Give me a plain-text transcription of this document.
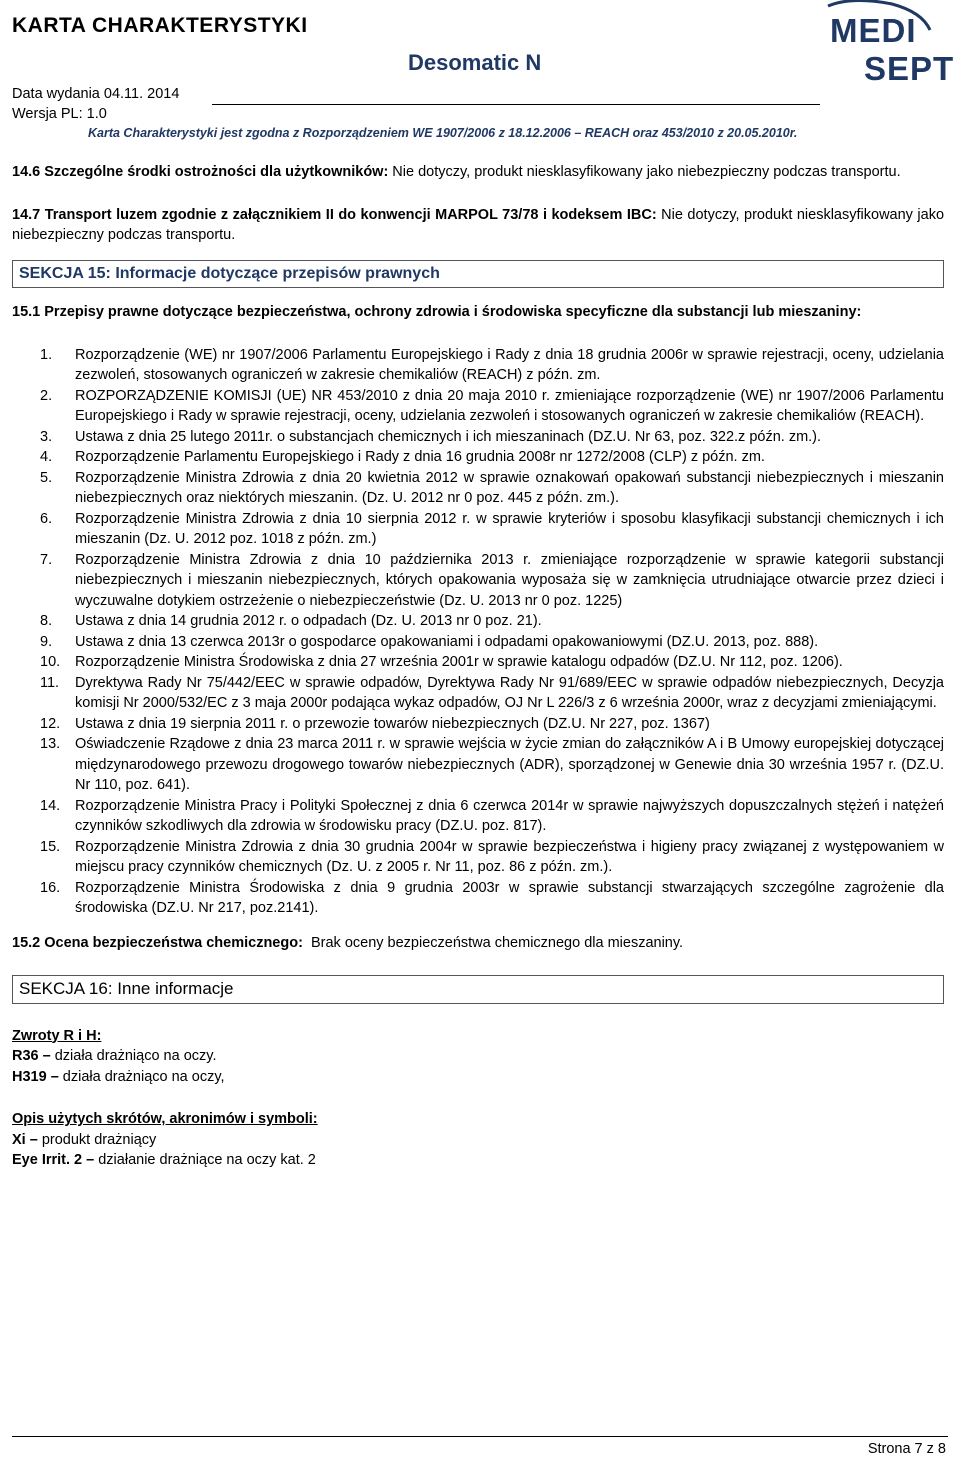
KARTA CHARAKTERYSTYKI
Desomatic N
Data wydania 04.11. 2014
Wersja PL: 1.0
Karta Charakterystyki jest zgodna z Rozporządzeniem WE 1907/2006 z 18.12.2006 – REACH oraz 453/2010 z 20.05.2010r.
MEDI
SEPT

14.6 Szczególne środki ostrożności dla użytkowników: Nie dotyczy, produkt niesklasyfikowany jako niebezpieczny podczas transportu.

14.7 Transport luzem zgodnie z załącznikiem II do konwencji MARPOL 73/78 i kodeksem IBC: Nie dotyczy, produkt niesklasyfikowany jako niebezpieczny podczas transportu.

SEKCJA 15: Informacje dotyczące przepisów prawnych

15.1 Przepisy prawne dotyczące bezpieczeństwa, ochrony zdrowia i środowiska specyficzne dla substancji lub mieszaniny:

1.	Rozporządzenie (WE) nr 1907/2006 Parlamentu Europejskiego i Rady z dnia 18 grudnia 2006r w sprawie rejestracji, oceny, udzielania zezwoleń, stosowanych ograniczeń w zakresie chemikaliów (REACH) z późn. zm.
2.	ROZPORZĄDZENIE KOMISJI (UE) NR 453/2010 z dnia 20 maja 2010 r. zmieniające rozporządzenie (WE) nr 1907/2006 Parlamentu Europejskiego i Rady w sprawie rejestracji, oceny, udzielania zezwoleń i stosowanych ograniczeń w zakresie chemikaliów (REACH).
3.	Ustawa z dnia 25 lutego 2011r. o substancjach chemicznych i ich mieszaninach (DZ.U. Nr 63, poz. 322.z późn. zm.).
4.	Rozporządzenie Parlamentu Europejskiego i Rady z dnia 16 grudnia 2008r nr 1272/2008 (CLP) z późn. zm.
5.	Rozporządzenie Ministra Zdrowia z dnia 20 kwietnia 2012 w sprawie oznakowań opakowań substancji niebezpiecznych i mieszanin niebezpiecznych oraz niektórych mieszanin. (Dz. U. 2012 nr 0 poz. 445 z późn. zm.).
6.	Rozporządzenie Ministra Zdrowia z dnia 10 sierpnia 2012 r. w sprawie kryteriów i sposobu klasyfikacji substancji chemicznych i ich mieszanin (Dz. U. 2012 poz. 1018 z późn. zm.)
7.	Rozporządzenie Ministra Zdrowia z dnia 10 października 2013 r. zmieniające rozporządzenie w sprawie kategorii substancji niebezpiecznych i mieszanin niebezpiecznych, których opakowania wyposaża się w zamknięcia utrudniające otwarcie przez dzieci i wyczuwalne dotykiem ostrzeżenie o niebezpieczeństwie (Dz. U. 2013 nr 0 poz. 1225)
8.	Ustawa z dnia 14 grudnia 2012 r. o odpadach (Dz. U. 2013 nr 0 poz. 21).
9.	Ustawa z dnia 13 czerwca 2013r o gospodarce opakowaniami i odpadami opakowaniowymi (DZ.U. 2013, poz. 888).
10.	Rozporządzenie Ministra Środowiska z dnia 27 września 2001r w sprawie katalogu odpadów (DZ.U. Nr 112, poz. 1206).
11.	Dyrektywa Rady Nr 75/442/EEC w sprawie odpadów, Dyrektywa Rady Nr 91/689/EEC w sprawie odpadów niebezpiecznych, Decyzja komisji Nr 2000/532/EC z 3 maja 2000r podająca wykaz odpadów, OJ Nr L 226/3 z 6 września 2000r, wraz z decyzjami zmieniającymi.
12.	Ustawa z dnia 19 sierpnia 2011 r. o przewozie towarów niebezpiecznych (DZ.U. Nr 227, poz. 1367)
13.	Oświadczenie Rządowe z dnia 23 marca 2011 r. w sprawie wejścia w życie zmian do załączników A i B Umowy europejskiej dotyczącej międzynarodowego przewozu drogowego towarów niebezpiecznych (ADR), sporządzonej w Genewie dnia 30 września 1957 r. (DZ.U. Nr 110, poz. 641).
14.	Rozporządzenie Ministra Pracy i Polityki Społecznej z dnia 6 czerwca 2014r w sprawie najwyższych dopuszczalnych stężeń i natężeń czynników szkodliwych dla zdrowia w środowisku pracy (DZ.U. poz. 817).
15.	Rozporządzenie Ministra Zdrowia z dnia 30 grudnia 2004r w sprawie bezpieczeństwa i higieny pracy związanej z występowaniem w miejscu pracy czynników chemicznych (Dz. U. z 2005 r. Nr 11, poz. 86 z późn. zm.).
16.	Rozporządzenie Ministra Środowiska z dnia 9 grudnia 2003r w sprawie substancji stwarzających szczególne zagrożenie dla środowiska (DZ.U. Nr 217, poz.2141).

15.2 Ocena bezpieczeństwa chemicznego: Brak oceny bezpieczeństwa chemicznego dla mieszaniny.

SEKCJA 16: Inne informacje
Zwroty R i H:
R36 – działa drażniąco na oczy.
H319 – działa drażniąco na oczy,
Opis użytych skrótów, akronimów i symboli:
Xi – produkt drażniący
Eye Irrit. 2 – działanie drażniące na oczy kat. 2
Strona 7 z 8
